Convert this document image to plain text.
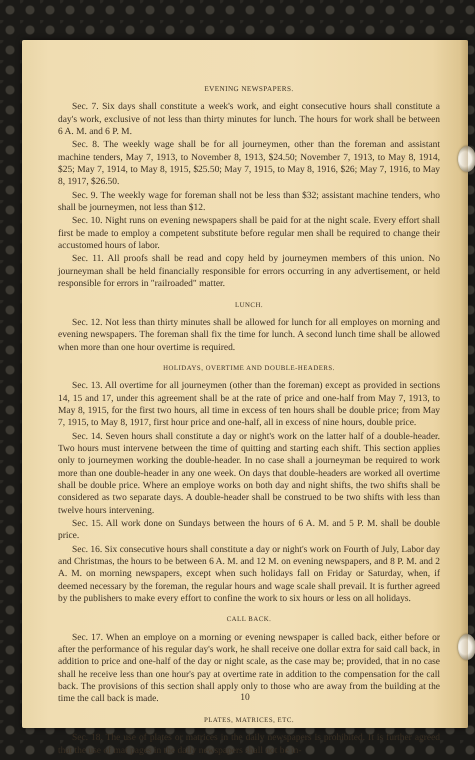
EVENING NEWSPAPERS.

Sec. 7. Six days shall constitute a week's work, and eight consecutive hours shall constitute a day's work, exclusive of not less than thirty minutes for lunch. The hours for work shall be between 6 A. M. and 6 P. M.

Sec. 8. The weekly wage shall be for all journeymen, other than the foreman and assistant machine tenders, May 7, 1913, to November 8, 1913, $24.50; November 7, 1913, to May 8, 1914, $25; May 7, 1914, to May 8, 1915, $25.50; May 7, 1915, to May 8, 1916, $26; May 7, 1916, to May 8, 1917, $26.50.

Sec. 9. The weekly wage for foreman shall not be less than $32; assistant machine tenders, who shall be journeymen, not less than $12.

Sec. 10. Night runs on evening newspapers shall be paid for at the night scale. Every effort shall first be made to employ a competent substitute before regular men shall be required to change their accustomed hours of labor.

Sec. 11. All proofs shall be read and copy held by journeymen members of this union. No journeyman shall be held financially responsible for errors occurring in any advertisement, or held responsible for errors in "railroaded" matter.

LUNCH.

Sec. 12. Not less than thirty minutes shall be allowed for lunch for all employes on morning and evening newspapers. The foreman shall fix the time for lunch. A second lunch time shall be allowed when more than one hour overtime is required.

HOLIDAYS, OVERTIME AND DOUBLE-HEADERS.

Sec. 13. All overtime for all journeymen (other than the foreman) except as provided in sections 14, 15 and 17, under this agreement shall be at the rate of price and one-half from May 7, 1913, to May 8, 1915, for the first two hours, all time in excess of ten hours shall be double price; from May 7, 1915, to May 8, 1917, first hour price and one-half, all in excess of nine hours, double price.

Sec. 14. Seven hours shall constitute a day or night's work on the latter half of a double-header. Two hours must intervene between the time of quitting and starting each shift. This section applies only to journeymen working the double-header. In no case shall a journeyman be required to work more than one double-header in any one week. On days that double-headers are worked all overtime shall be double price. Where an employe works on both day and night shifts, the two shifts shall be considered as two separate days. A double-header shall be construed to be two shifts with less than twelve hours intervening.

Sec. 15. All work done on Sundays between the hours of 6 A. M. and 5 P. M. shall be double price.

Sec. 16. Six consecutive hours shall constitute a day or night's work on Fourth of July, Labor day and Christmas, the hours to be between 6 A. M. and 12 M. on evening newspapers, and 8 P. M. and 2 A. M. on morning newspapers, except when such holidays fall on Friday or Saturday, when, if deemed necessary by the foreman, the regular hours and wage scale shall prevail. It is further agreed by the publishers to make every effort to confine the work to six hours or less on all holidays.

CALL BACK.

Sec. 17. When an employe on a morning or evening newspaper is called back, either before or after the performance of his regular day's work, he shall receive one dollar extra for said call back, in addition to price and one-half of the day or night scale, as the case may be; provided, that in no case shall he receive less than one hour's pay at overtime rate in addition to the compensation for the call back. The provisions of this section shall apply only to those who are away from the building at the time the call back is made.

PLATES, MATRICES, ETC.

Sec. 18. The use of plates or matrices in the daily newspapers is prohibited. It is further agreed that the use of mat pages in the daily newspapers shall not be in-

10
